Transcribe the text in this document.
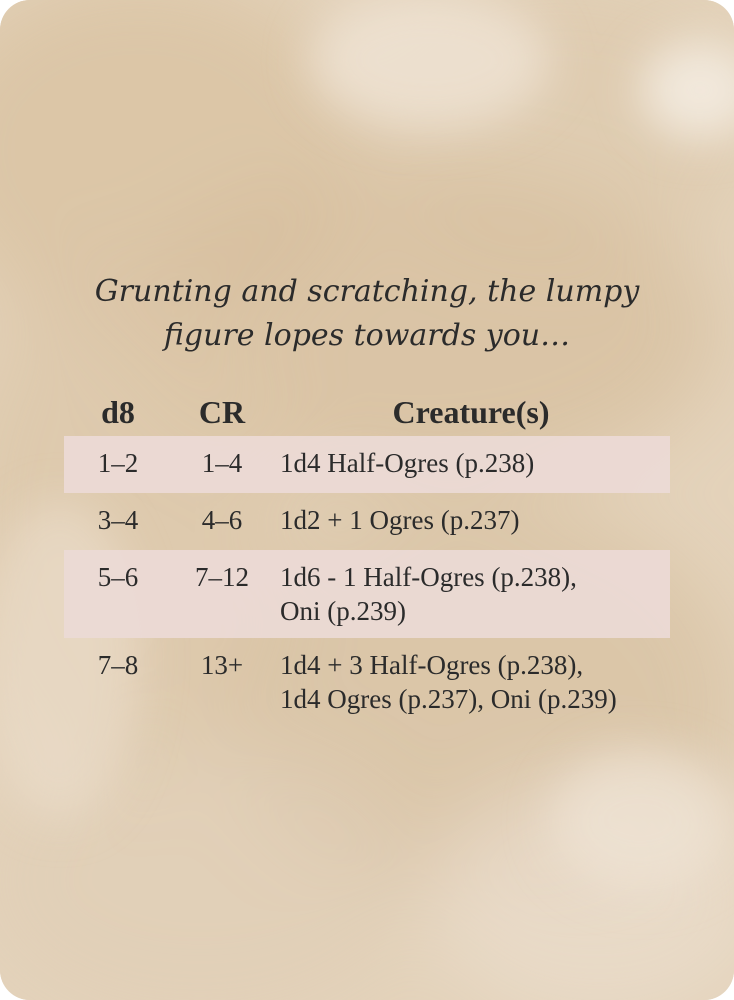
Grunting and scratching, the lumpy
figure lopes towards you…
d8	CR	Creature(s)
1–2	1–4	1d4 Half-Ogres (p.238)

3–4	4–6	1d2 + 1 Ogres (p.237)

5–6	7–12	1d6 - 1 Half-Ogres (p.238),
Oni (p.239)

7–8	13+	1d4 + 3 Half-Ogres (p.238),
1d4 Ogres (p.237), Oni (p.239)
